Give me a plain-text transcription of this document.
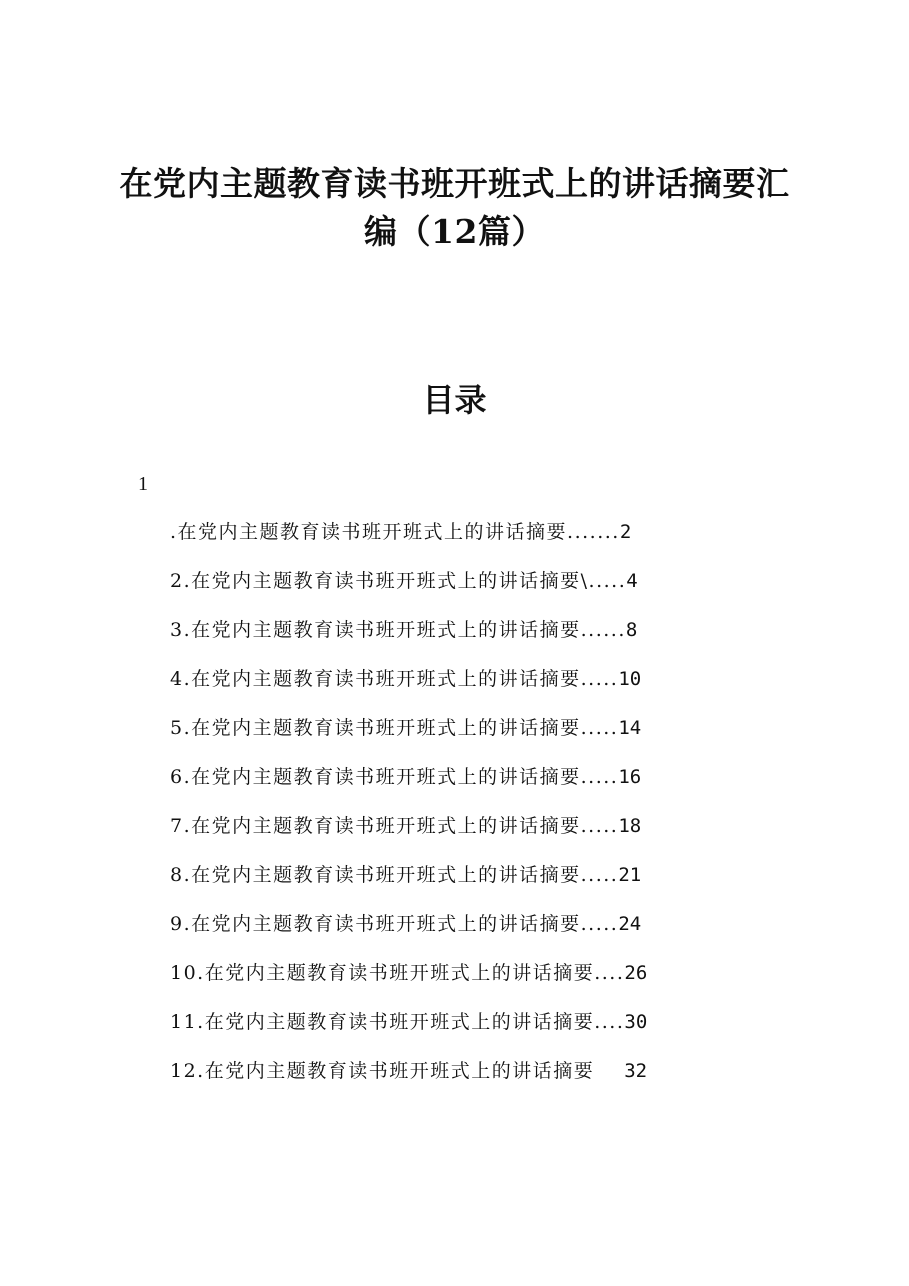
在党内主题教育读书班开班式上的讲话摘要汇
编（12篇）
目录
1
.在党内主题教育读书班开班式上的讲话摘要....... 2
2.在党内主题教育读书班开班式上的讲话摘要\..... 4
3.在党内主题教育读书班开班式上的讲话摘要...... 8
4.在党内主题教育读书班开班式上的讲话摘要..... 10
5.在党内主题教育读书班开班式上的讲话摘要..... 14
6.在党内主题教育读书班开班式上的讲话摘要..... 16
7.在党内主题教育读书班开班式上的讲话摘要..... 18
8.在党内主题教育读书班开班式上的讲话摘要..... 21
9.在党内主题教育读书班开班式上的讲话摘要..... 24
10.在党内主题教育读书班开班式上的讲话摘要.... 26
11.在党内主题教育读书班开班式上的讲话摘要.... 30
12.在党内主题教育读书班开班式上的讲话摘要 32
